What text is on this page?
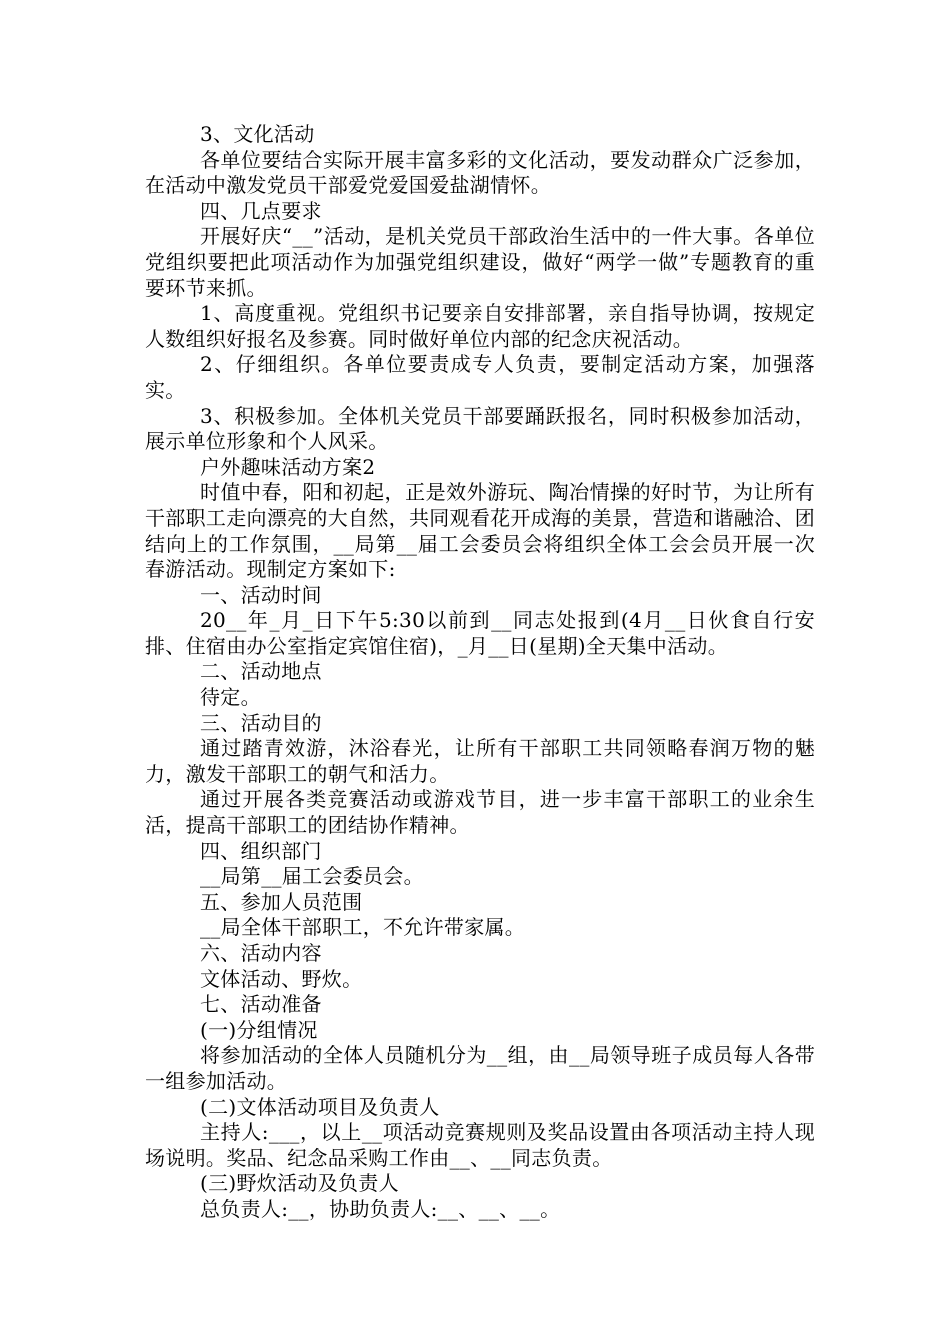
3、文化活动

各单位要结合实际开展丰富多彩的文化活动，要发动群众广泛参加，在活动中激发党员干部爱党爱国爱盐湖情怀。

四、几点要求

开展好庆“__”活动，是机关党员干部政治生活中的一件大事。各单位党组织要把此项活动作为加强党组织建设，做好“两学一做”专题教育的重要环节来抓。

1、高度重视。党组织书记要亲自安排部署，亲自指导协调，按规定人数组织好报名及参赛。同时做好单位内部的纪念庆祝活动。

2、仔细组织。各单位要责成专人负责，要制定活动方案，加强落实。

3、积极参加。全体机关党员干部要踊跃报名，同时积极参加活动，展示单位形象和个人风采。

户外趣味活动方案2

时值中春，阳和初起，正是效外游玩、陶冶情操的好时节，为让所有干部职工走向漂亮的大自然，共同观看花开成海的美景，营造和谐融洽、团结向上的工作氛围，__局第__届工会委员会将组织全体工会会员开展一次春游活动。现制定方案如下:

一、活动时间

20__年_月_日下午5:30以前到__同志处报到(4月__日伙食自行安排、住宿由办公室指定宾馆住宿)，_月__日(星期)全天集中活动。

二、活动地点

待定。

三、活动目的

通过踏青效游，沐浴春光，让所有干部职工共同领略春润万物的魅力，激发干部职工的朝气和活力。

通过开展各类竞赛活动或游戏节目，进一步丰富干部职工的业余生活，提高干部职工的团结协作精神。

四、组织部门

__局第__届工会委员会。

五、参加人员范围

__局全体干部职工，不允许带家属。

六、活动内容

文体活动、野炊。

七、活动准备

(一)分组情况

将参加活动的全体人员随机分为__组，由__局领导班子成员每人各带一组参加活动。

(二)文体活动项目及负责人

主持人:___，以上__项活动竞赛规则及奖品设置由各项活动主持人现场说明。奖品、纪念品采购工作由__、__同志负责。

(三)野炊活动及负责人

总负责人:__，协助负责人:__、__、__。
